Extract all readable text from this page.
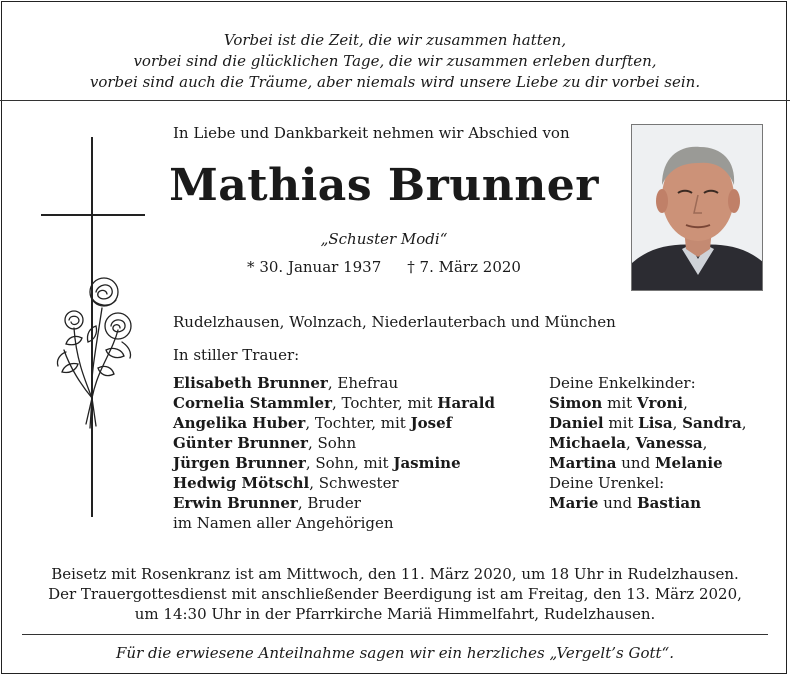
Vorbei ist die Zeit, die wir zusammen hatten,
vorbei sind die glücklichen Tage, die wir zusammen erleben durften,
vorbei sind auch die Träume, aber niemals wird unsere Liebe zu dir vorbei sein.
In Liebe und Dankbarkeit nehmen wir Abschied von
Mathias Brunner
„Schuster Modi“
* 30. Januar 1937 † 7. März 2020
Rudelzhausen, Wolnzach, Niederlauterbach und München
In stiller Trauer:
Elisabeth Brunner, Ehefrau
Cornelia Stammler, Tochter, mit Harald
Angelika Huber, Tochter, mit Josef
Günter Brunner, Sohn
Jürgen Brunner, Sohn, mit Jasmine
Hedwig Mötschl, Schwester
Erwin Brunner, Bruder
im Namen aller Angehörigen
Deine Enkelkinder:
Simon mit Vroni,
Daniel mit Lisa, Sandra,
Michaela, Vanessa,
Martina und Melanie
Deine Urenkel:
Marie und Bastian
Beisetz mit Rosenkranz ist am Mittwoch, den 11. März 2020, um 18 Uhr in Rudelzhausen.
Der Trauergottesdienst mit anschließender Beerdigung ist am Freitag, den 13. März 2020,
um 14:30 Uhr in der Pfarrkirche Mariä Himmelfahrt, Rudelzhausen.
Für die erwiesene Anteilnahme sagen wir ein herzliches „Vergelt’s Gott“.
